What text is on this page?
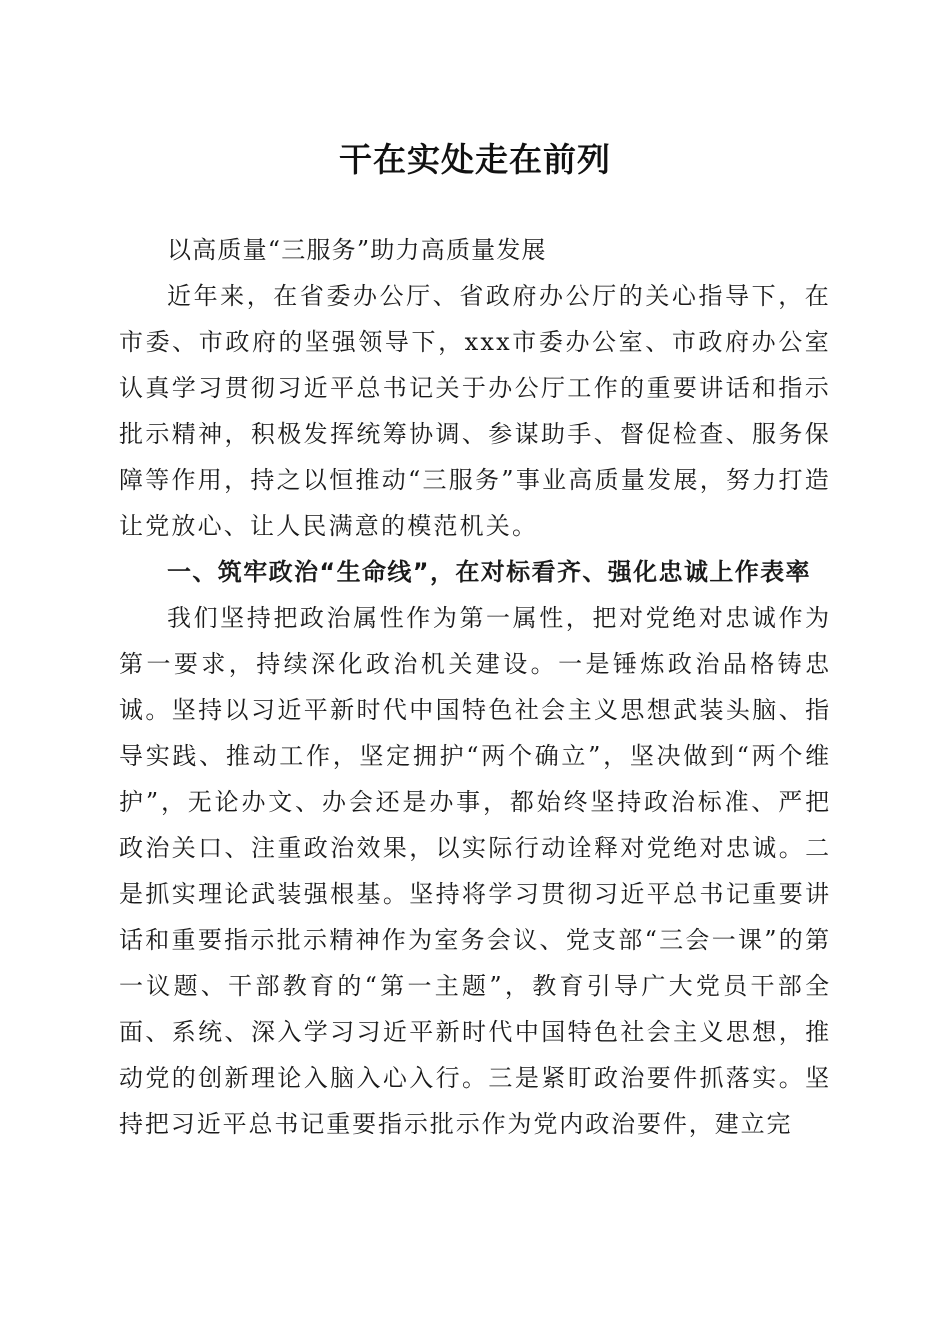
干在实处走在前列

以高质量“三服务”助力高质量发展

近年来，在省委办公厅、省政府办公厅的关心指导下，在市委、市政府的坚强领导下，xxx市委办公室、市政府办公室认真学习贯彻习近平总书记关于办公厅工作的重要讲话和指示批示精神，积极发挥统筹协调、参谋助手、督促检查、服务保障等作用，持之以恒推动“三服务”事业高质量发展，努力打造让党放心、让人民满意的模范机关。

一、筑牢政治“生命线”，在对标看齐、强化忠诚上作表率

我们坚持把政治属性作为第一属性，把对党绝对忠诚作为第一要求，持续深化政治机关建设。一是锤炼政治品格铸忠诚。坚持以习近平新时代中国特色社会主义思想武装头脑、指导实践、推动工作，坚定拥护“两个确立”，坚决做到“两个维护”，无论办文、办会还是办事，都始终坚持政治标准、严把政治关口、注重政治效果，以实际行动诠释对党绝对忠诚。二是抓实理论武装强根基。坚持将学习贯彻习近平总书记重要讲话和重要指示批示精神作为室务会议、党支部“三会一课”的第一议题、干部教育的“第一主题”，教育引导广大党员干部全面、系统、深入学习习近平新时代中国特色社会主义思想，推动党的创新理论入脑入心入行。三是紧盯政治要件抓落实。坚持把习近平总书记重要指示批示作为党内政治要件，建立完
